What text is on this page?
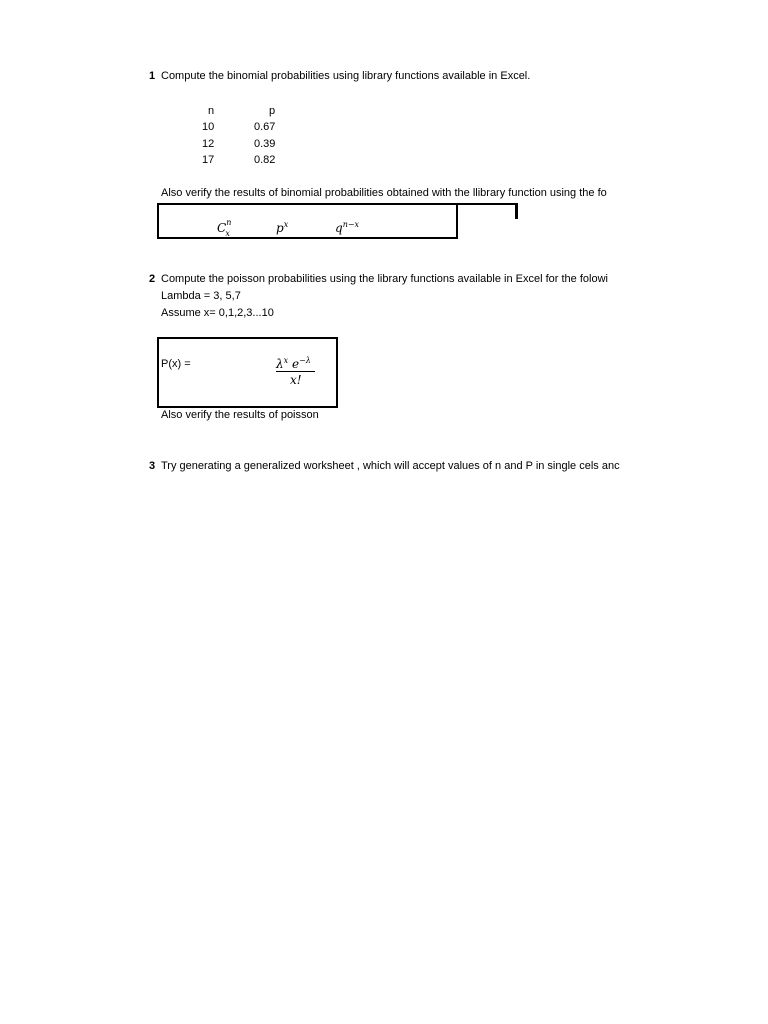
1 Compute the binomial probabilities using library functions available in Excel.
n	p
10	0.67
12	0.39
17	0.82
Also verify the results of binomial probabilities obtained with the llibrary function using the fo
$C^n_x$	$p^x$	$q^{n-x}$
2 Compute the poisson probabilities using the library functions available in Excel for the folowi
Lambda = 3, 5,7
Assume x= 0,1,2,3...10
P(x) =	$\lambda^x$ $e^{-\lambda}$
x!
Also verify the results of poisson
3 Try generating a generalized worksheet , which will accept values of n and P in single cels anc
